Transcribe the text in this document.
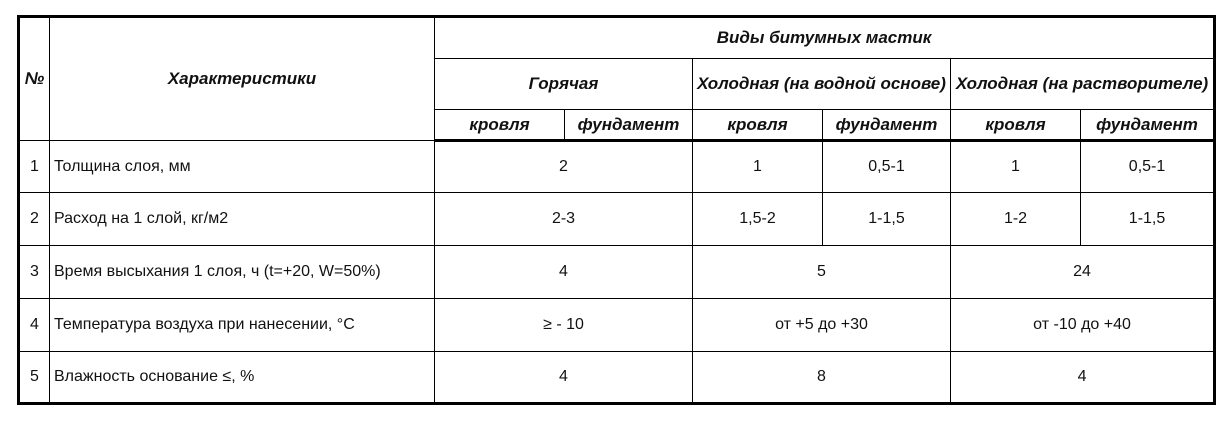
№	Характеристики	Виды битумных мастик					
		Горячая		Холодная (на водной основе)		Холодная (на растворителе)	
		кровля	фундамент	кровля	фундамент	кровля	фундамент
1	Толщина слоя, мм	2		1	0,5-1	1	0,5-1
2	Расход на 1 слой, кг/м2	2-3		1,5-2	1-1,5	1-2	1-1,5
3	Время высыхания 1 слоя, ч (t=+20, W=50%)	4		5		24	
4	Температура воздуха при нанесении, °С	≥ - 10		от +5 до +30		от -10 до +40	
5	Влажность основание ≤, %	4		8		4	
